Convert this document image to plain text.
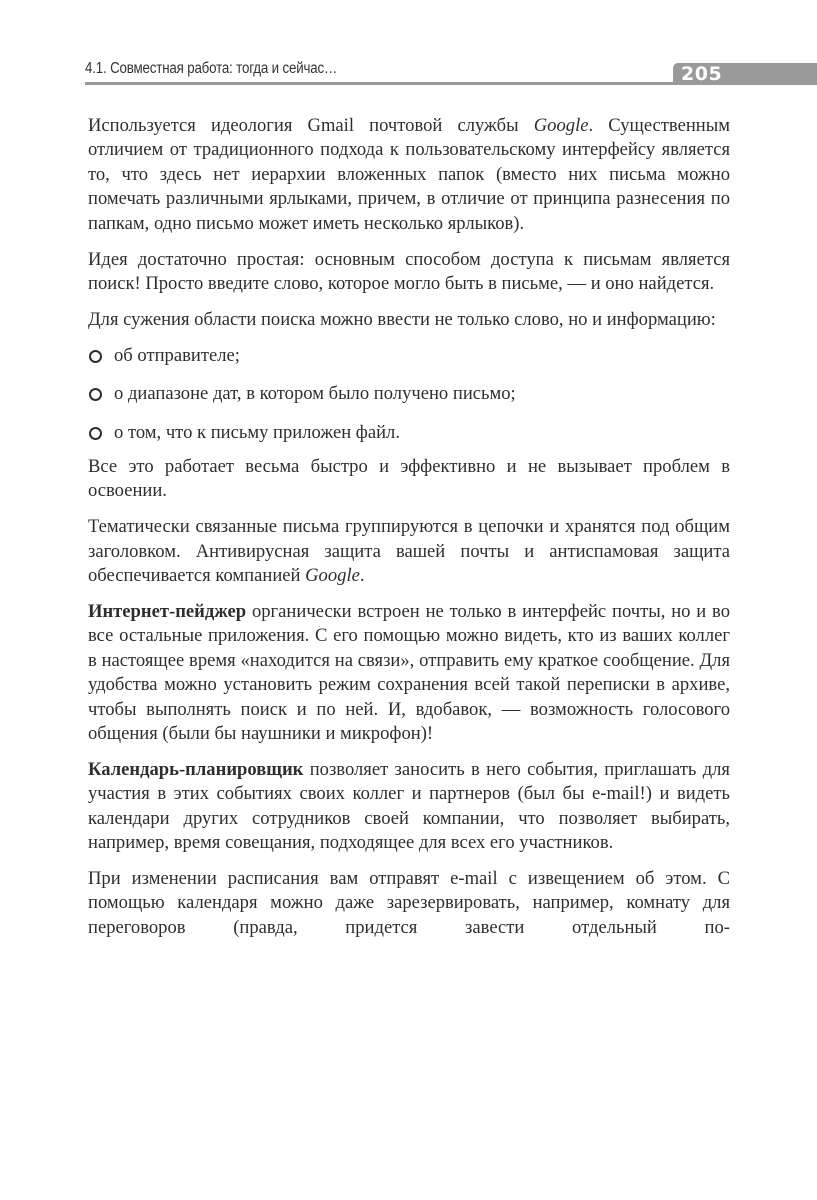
4.1. Совместная работа: тогда и сейчас…	205

Используется идеология Gmail почтовой службы Google. Существенным отличием от традиционного подхода к пользовательскому интерфейсу является то, что здесь нет иерархии вложенных папок (вместо них письма можно помечать различными ярлыками, причем, в отличие от принципа разнесения по папкам, одно письмо может иметь несколько ярлыков).

Идея достаточно простая: основным способом доступа к письмам является поиск! Просто введите слово, которое могло быть в письме, — и оно найдется.

Для сужения области поиска можно ввести не только слово, но и информацию:

об отправителе;
о диапазоне дат, в котором было получено письмо;
о том, что к письму приложен файл.

Все это работает весьма быстро и эффективно и не вызывает проблем в освоении.

Тематически связанные письма группируются в цепочки и хранятся под общим заголовком. Антивирусная защита вашей почты и антиспамовая защита обеспечивается компанией Google.

Интернет-пейджер органически встроен не только в интерфейс почты, но и во все остальные приложения. С его помощью можно видеть, кто из ваших коллег в настоящее время «находится на связи», отправить ему краткое сообщение. Для удобства можно установить режим сохранения всей такой переписки в архиве, чтобы выполнять поиск и по ней. И, вдобавок, — возможность голосового общения (были бы наушники и микрофон)!

Календарь-планировщик позволяет заносить в него события, приглашать для участия в этих событиях своих коллег и партнеров (был бы e-mail!) и видеть календари других сотрудников своей компании, что позволяет выбирать, например, время совещания, подходящее для всех его участников.

При изменении расписания вам отправят e-mail с извещением об этом. С помощью календаря можно даже зарезервировать, например, комнату для переговоров (правда, придется завести отдельный по-
